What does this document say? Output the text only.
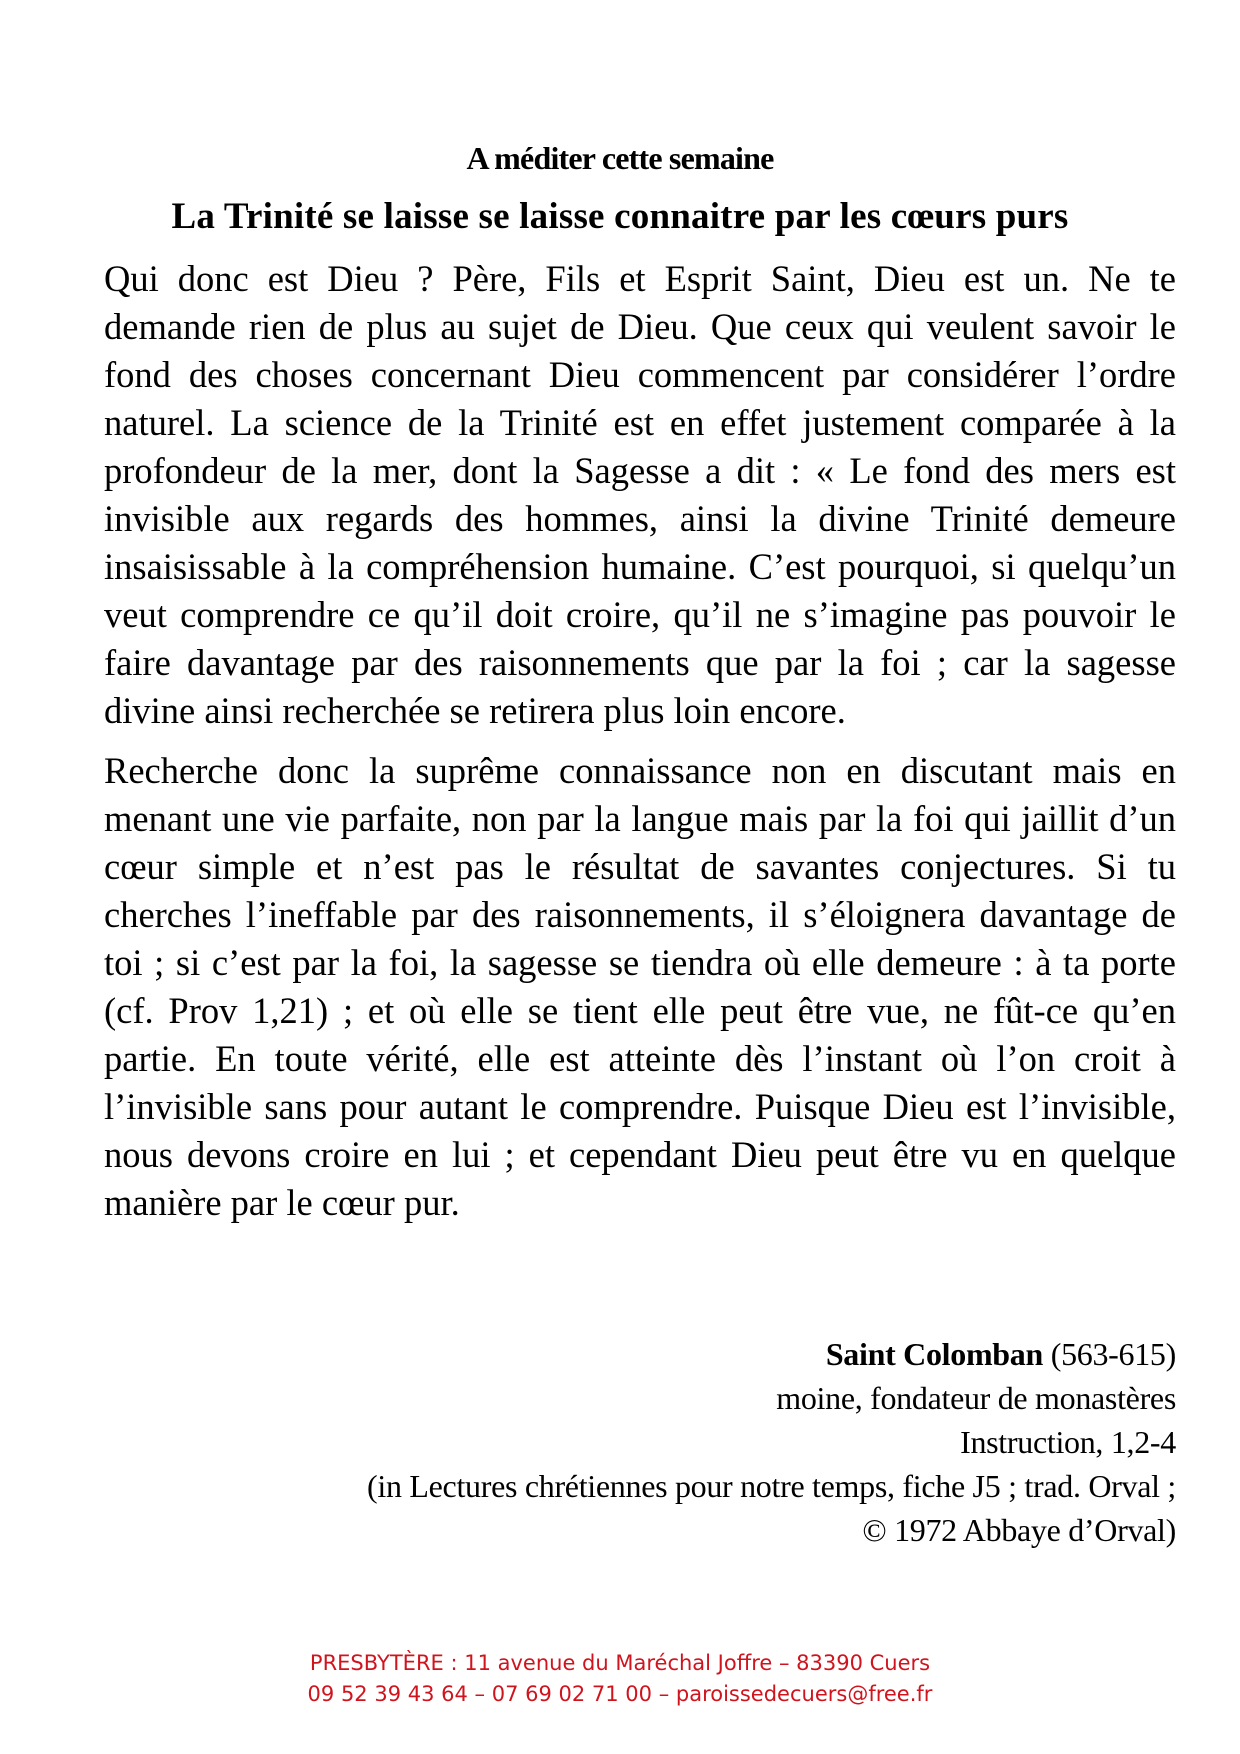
A méditer cette semaine
La Trinité se laisse se laisse connaitre par les cœurs purs

Qui donc est Dieu ? Père, Fils et Esprit Saint, Dieu est un. Ne te demande rien de plus au sujet de Dieu. Que ceux qui veulent savoir le fond des choses concernant Dieu commencent par considérer l’ordre naturel. La science de la Trinité est en effet justement comparée à la profondeur de la mer, dont la Sagesse a dit : « Le fond des mers est invisible aux regards des hommes, ainsi la divine Trinité demeure insaisissable à la compréhension humaine. C’est pourquoi, si quelqu’un veut comprendre ce qu’il doit croire, qu’il ne s’imagine pas pouvoir le faire davantage par des raisonnements que par la foi ; car la sagesse divine ainsi recherchée se retirera plus loin encore.

Recherche donc la suprême connaissance non en discutant mais en menant une vie parfaite, non par la langue mais par la foi qui jaillit d’un cœur simple et n’est pas le résultat de savantes conjectures. Si tu cherches l’ineffable par des raisonnements, il s’éloignera davantage de toi ; si c’est par la foi, la sagesse se tiendra où elle demeure : à ta porte (cf. Prov 1,21) ; et où elle se tient elle peut être vue, ne fût-ce qu’en partie. En toute vérité, elle est atteinte dès l’instant où l’on croit à l’invisible sans pour autant le comprendre. Puisque Dieu est l’invisible, nous devons croire en lui ; et cependant Dieu peut être vu en quelque manière par le cœur pur.

Saint Colomban (563-615)
moine, fondateur de monastères
Instruction, 1,2-4
(in Lectures chrétiennes pour notre temps, fiche J5 ; trad. Orval ;
© 1972 Abbaye d’Orval)
PRESBYTÈRE : 11 avenue du Maréchal Joffre – 83390 Cuers
09 52 39 43 64 – 07 69 02 71 00 – paroissedecuers@free.fr
